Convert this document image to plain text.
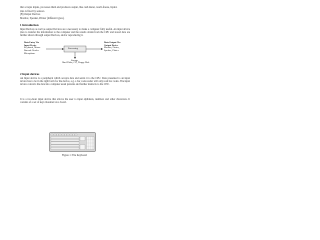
that accepts inputs, processes them and produces output, like cash meter, touch-fraeze, liquid-
data is fixed by sensors.
(B) Output Devices
Monitor, Speaker, Printer (different types).
1 Introduction
Input Devices as well as output Devices are a necessary to make a computer fully useful. An input device tries to transfer the information to the computer and the results obtain from the CPU and stored data are further shown through output Devices, and/or reproducing it.
Data Entry Via
Input Device
Keyboard, Mouse
Barcode Reader
Microphone
Processing
Data Output Via
Output Device
Monitor, Printer,
Speaker, Plotter
Storage
Hard Disks, CD, Floppy Disk
2 Input devices
An Input device is a peripheral which accepts data and sends it to the CPU. Data presented to an input device has to be in the right form for the device, e.g. a bar code reader will only read bar codes. The input device converts the data into computer usual patterns and further instructs to the CPU.
It is a two-hour input device that allows the user to input alphabets, numbers and other characters. It consists of a set of keys mounted on a board.
Figure 1: The Keyboard
